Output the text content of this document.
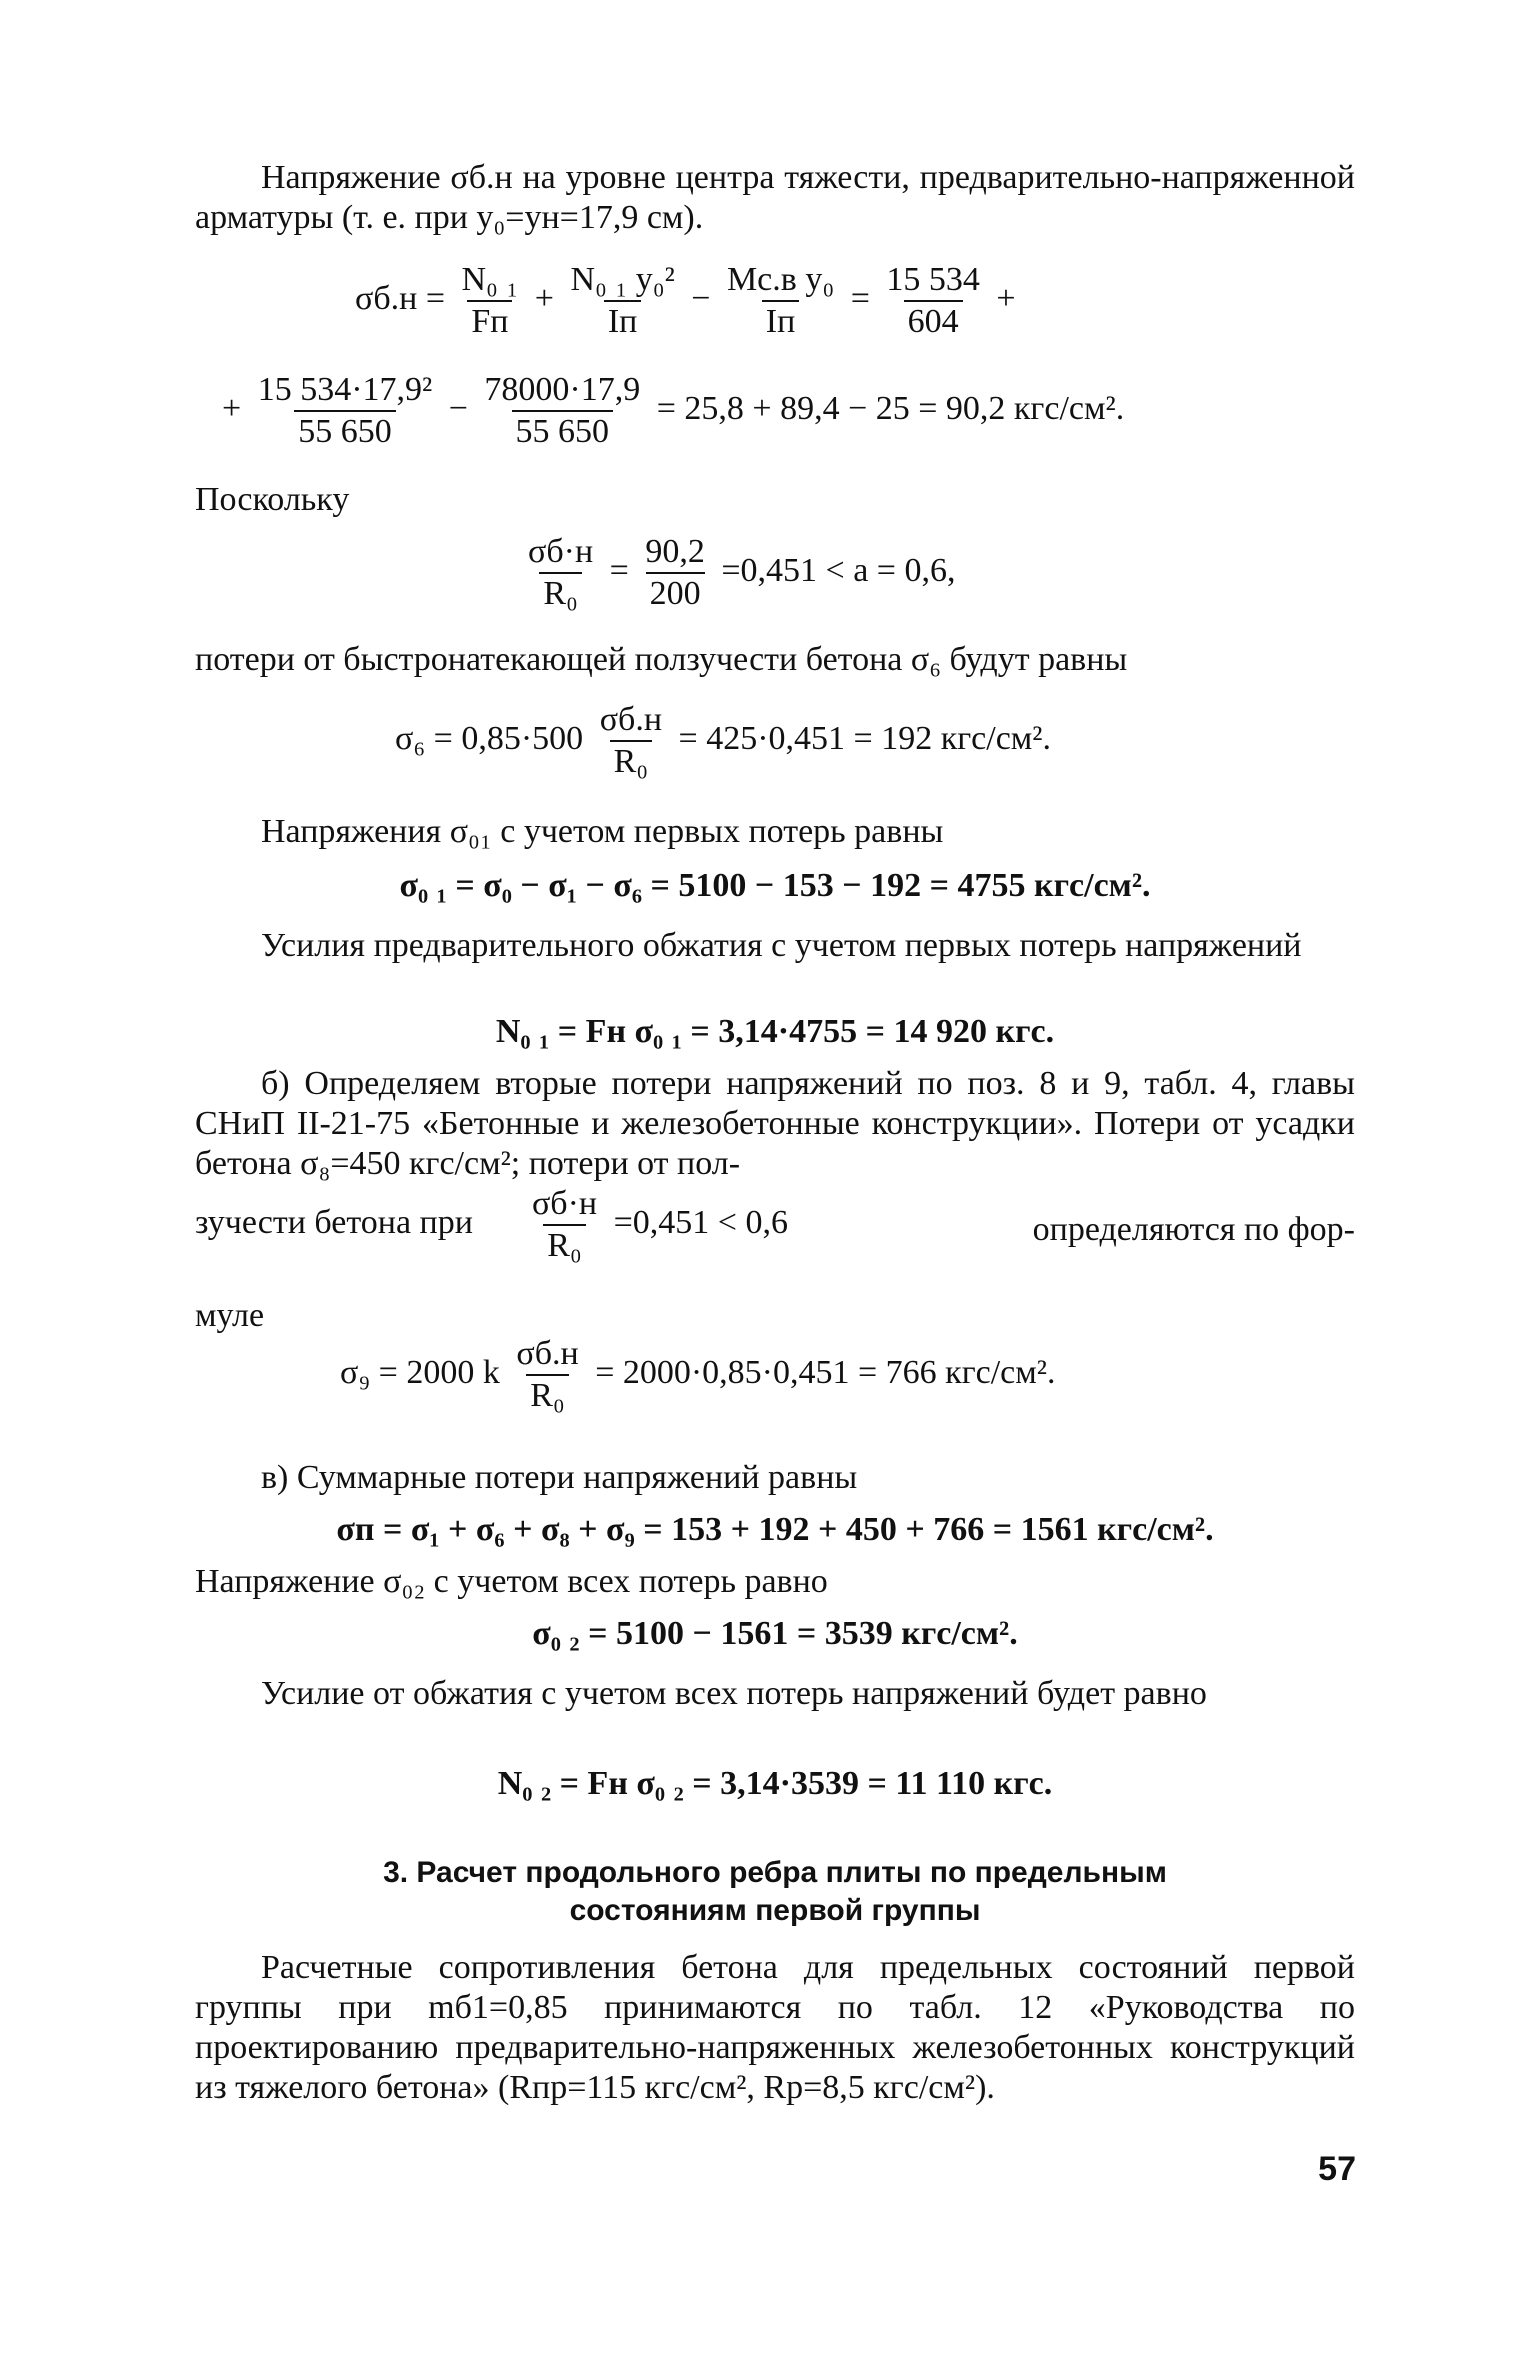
Напряжение σб.н на уровне центра тяжести, предварительно-напряженной арматуры (т. е. при y₀=yн=17,9 см).
σб.н =
N₀ ₁
Fп
+
N₀ ₁ y₀²
Iп
−
Mс.в y₀
Iп
= $\frac{15 534}{604}$ +
+ $\frac{\text{15 534·17,9²}}{55 650} - \frac{78000\cdot 17,9}{55 650} = 25,8 + 89,4 - 25 = 90,2$ кгс/см².
Поскольку
σб·н
R₀
= $\frac{90,2}{200} =0,451 < a = 0,6$,
потери от быстронатекающей ползучести бетона σ₆ будут равны
σ₆ = 0,85·500
σб.н
R₀
= 425·0,451 = 192 кгс/см².
Напряжения σ₀₁ с учетом первых потерь равны
σ₀ ₁ = σ₀ − σ₁ − σ₆ = 5100 − 153 − 192 = 4755 кгс/см².
Усилия предварительного обжатия с учетом первых потерь напряжений
N₀ ₁ = Fн σ₀ ₁ = 3,14·4755 = 14 920 кгс.
б) Определяем вторые потери напряжений по поз. 8 и 9, табл. 4, главы СНиП II-21-75 «Бетонные и железобетонные конструкции». Потери от усадки бетона σ₈=450 кгс/см²; потери от пол-
зучести бетона при
σб·н
R₀
=0,451 < 0,6	определяются по фор-
муле
σ₉ = 2000 k
σб.н
R₀
= 2000·0,85·0,451 = 766 кгс/см².
в) Суммарные потери напряжений равны
σп = σ₁ + σ₆ + σ₈ + σ₉ = 153 + 192 + 450 + 766 = 1561 кгс/см².
Напряжение σ₀₂ с учетом всех потерь равно
σ₀ ₂ = 5100 − 1561 = 3539 кгс/см².
Усилие от обжатия с учетом всех потерь напряжений будет равно
N₀ ₂ = Fн σ₀ ₂ = 3,14·3539 = 11 110 кгс.
3. Расчет продольного ребра плиты по предельным
состояниям первой группы
Расчетные сопротивления бетона для предельных состояний первой группы при mб1=0,85 принимаются по табл. 12 «Руководства по проектированию предварительно-напряженных железобетонных конструкций из тяжелого бетона» (Rпр=115 кгс/см², Rр=8,5 кгс/см²).
57
